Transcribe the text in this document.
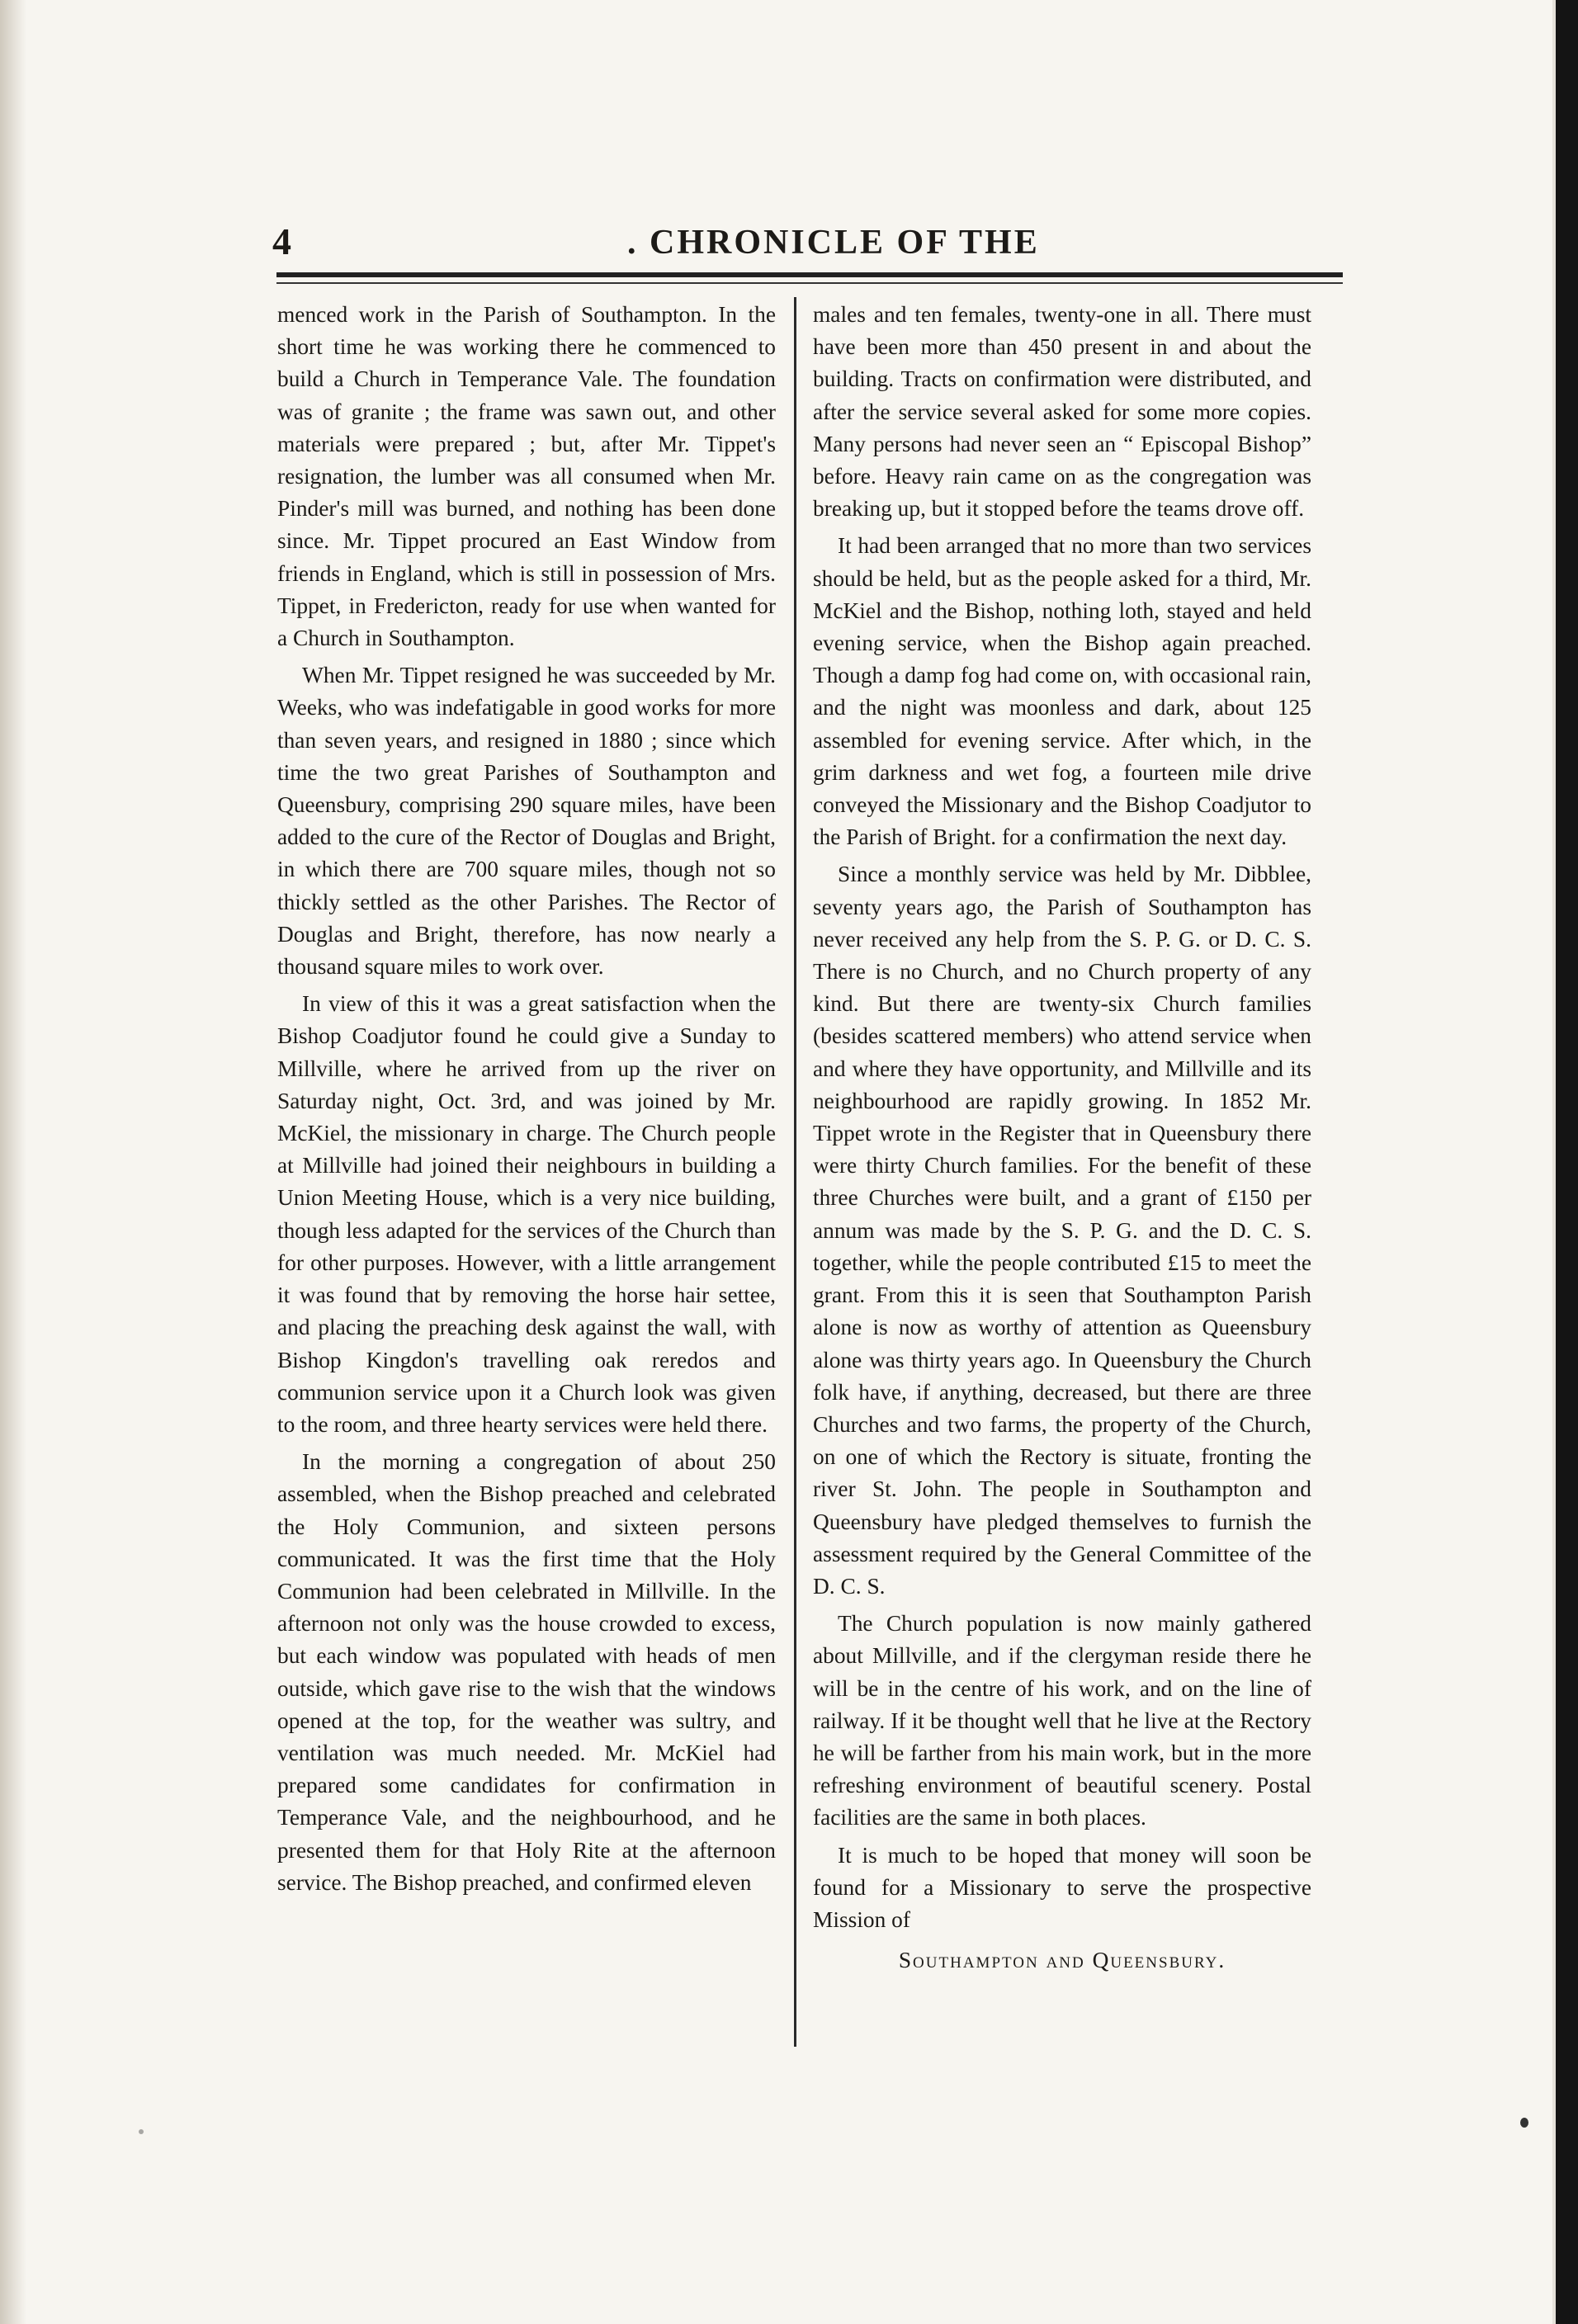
4	. CHRONICLE OF THE

menced work in the Parish of Southampton. In the short time he was working there he commenced to build a Church in Temperance Vale. The foundation was of granite ; the frame was sawn out, and other materials were prepared ; but, after Mr. Tippet's resignation, the lumber was all consumed when Mr. Pinder's mill was burned, and nothing has been done since. Mr. Tippet procured an East Window from friends in England, which is still in possession of Mrs. Tippet, in Fredericton, ready for use when wanted for a Church in Southampton.

When Mr. Tippet resigned he was succeeded by Mr. Weeks, who was indefatigable in good works for more than seven years, and resigned in 1880 ; since which time the two great Parishes of Southampton and Queensbury, comprising 290 square miles, have been added to the cure of the Rector of Douglas and Bright, in which there are 700 square miles, though not so thickly settled as the other Parishes. The Rector of Douglas and Bright, therefore, has now nearly a thousand square miles to work over.

In view of this it was a great satisfaction when the Bishop Coadjutor found he could give a Sunday to Millville, where he arrived from up the river on Saturday night, Oct. 3rd, and was joined by Mr. McKiel, the missionary in charge. The Church people at Millville had joined their neighbours in building a Union Meeting House, which is a very nice building, though less adapted for the services of the Church than for other purposes. However, with a little arrangement it was found that by removing the horse hair settee, and placing the preaching desk against the wall, with Bishop Kingdon's travelling oak reredos and communion service upon it a Church look was given to the room, and three hearty services were held there.

In the morning a congregation of about 250 assembled, when the Bishop preached and celebrated the Holy Communion, and sixteen persons communicated. It was the first time that the Holy Communion had been celebrated in Millville. In the afternoon not only was the house crowded to excess, but each window was populated with heads of men outside, which gave rise to the wish that the windows opened at the top, for the weather was sultry, and ventilation was much needed. Mr. McKiel had prepared some candidates for confirmation in Temperance Vale, and the neighbourhood, and he presented them for that Holy Rite at the afternoon service. The Bishop preached, and confirmed eleven

males and ten females, twenty-one in all. There must have been more than 450 present in and about the building. Tracts on confirmation were distributed, and after the service several asked for some more copies. Many persons had never seen an “ Episcopal Bishop” before. Heavy rain came on as the congregation was breaking up, but it stopped before the teams drove off.

It had been arranged that no more than two services should be held, but as the people asked for a third, Mr. McKiel and the Bishop, nothing loth, stayed and held evening service, when the Bishop again preached. Though a damp fog had come on, with occasional rain, and the night was moonless and dark, about 125 assembled for evening service. After which, in the grim darkness and wet fog, a fourteen mile drive conveyed the Missionary and the Bishop Coadjutor to the Parish of Bright. for a confirmation the next day.

Since a monthly service was held by Mr. Dibblee, seventy years ago, the Parish of Southampton has never received any help from the S. P. G. or D. C. S. There is no Church, and no Church property of any kind. But there are twenty-six Church families (besides scattered members) who attend service when and where they have opportunity, and Millville and its neighbourhood are rapidly growing. In 1852 Mr. Tippet wrote in the Register that in Queensbury there were thirty Church families. For the benefit of these three Churches were built, and a grant of £150 per annum was made by the S. P. G. and the D. C. S. together, while the people contributed £15 to meet the grant. From this it is seen that Southampton Parish alone is now as worthy of attention as Queensbury alone was thirty years ago. In Queensbury the Church folk have, if anything, decreased, but there are three Churches and two farms, the property of the Church, on one of which the Rectory is situate, fronting the river St. John. The people in Southampton and Queensbury have pledged themselves to furnish the assessment required by the General Committee of the D. C. S.

The Church population is now mainly gathered about Millville, and if the clergyman reside there he will be in the centre of his work, and on the line of railway. If it be thought well that he live at the Rectory he will be farther from his main work, but in the more refreshing environment of beautiful scenery. Postal facilities are the same in both places.

It is much to be hoped that money will soon be found for a Missionary to serve the prospective Mission of

Southampton and Queensbury.
